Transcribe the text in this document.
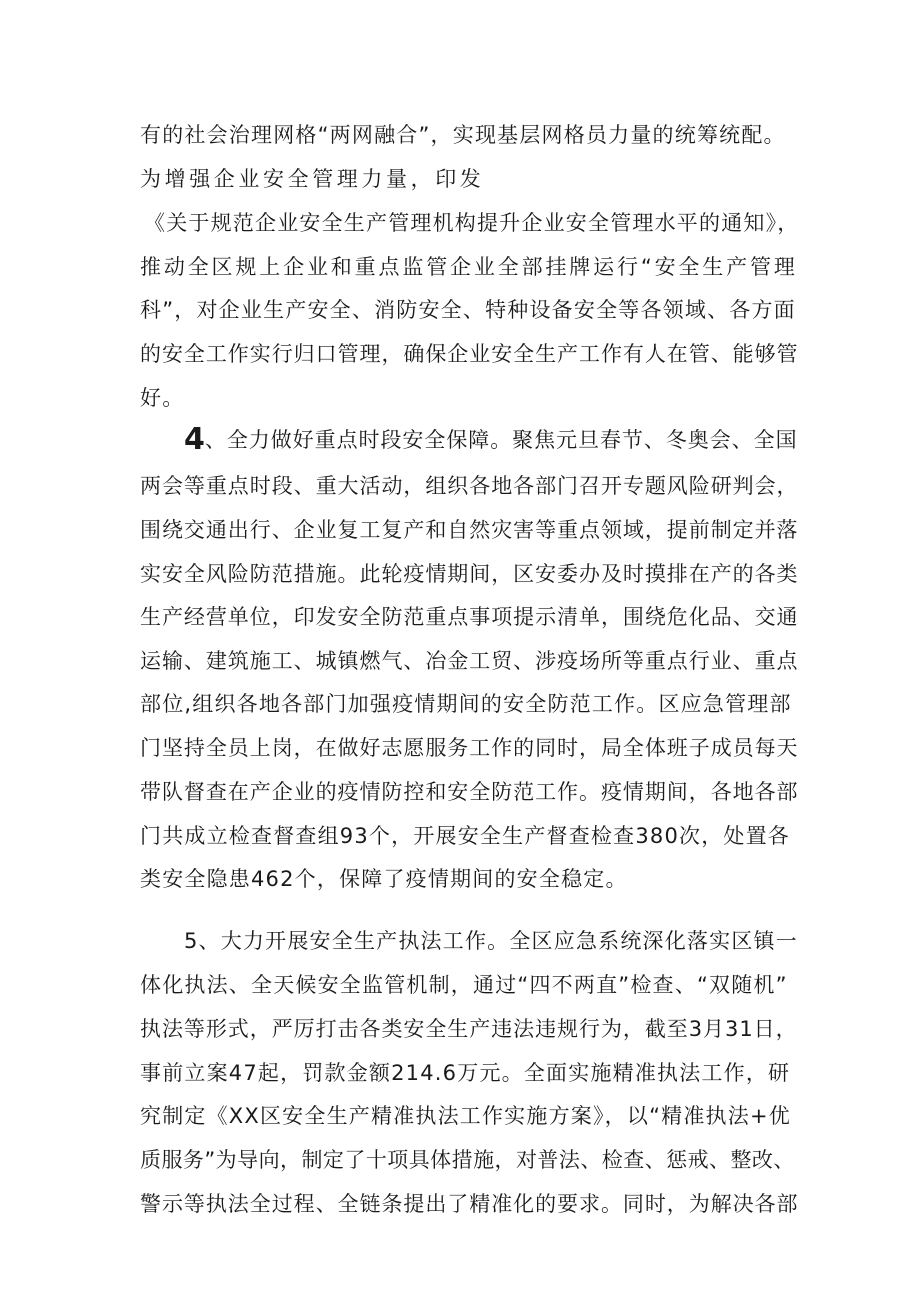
有的社会治理网格“两网融合”，实现基层网格员力量的统筹统配。
为增强企业安全管理力量，印发
《关于规范企业安全生产管理机构提升企业安全管理水平的通知》，
推动全区规上企业和重点监管企业全部挂牌运行“安全生产管理
科”，对企业生产安全、消防安全、特种设备安全等各领域、各方面
的安全工作实行归口管理，确保企业安全生产工作有人在管、能够管
好。
4、全力做好重点时段安全保障。聚焦元旦春节、冬奥会、全国
两会等重点时段、重大活动，组织各地各部门召开专题风险研判会，
围绕交通出行、企业复工复产和自然灾害等重点领域，提前制定并落
实安全风险防范措施。此轮疫情期间，区安委办及时摸排在产的各类
生产经营单位，印发安全防范重点事项提示清单，围绕危化品、交通
运输、建筑施工、城镇燃气、冶金工贸、涉疫场所等重点行业、重点
部位,组织各地各部门加强疫情期间的安全防范工作。区应急管理部
门坚持全员上岗，在做好志愿服务工作的同时，局全体班子成员每天
带队督查在产企业的疫情防控和安全防范工作。疫情期间，各地各部
门共成立检查督查组93个，开展安全生产督查检查380次，处置各
类安全隐患462个，保障了疫情期间的安全稳定。
5、大力开展安全生产执法工作。全区应急系统深化落实区镇一
体化执法、全天候安全监管机制，通过“四不两直”检查、“双随机”
执法等形式，严厉打击各类安全生产违法违规行为，截至3月31日，
事前立案47起，罚款金额214.6万元。全面实施精准执法工作，研
究制定《XX区安全生产精准执法工作实施方案》，以“精准执法+优
质服务”为导向，制定了十项具体措施，对普法、检查、惩戒、整改、
警示等执法全过程、全链条提出了精准化的要求。同时，为解决各部
